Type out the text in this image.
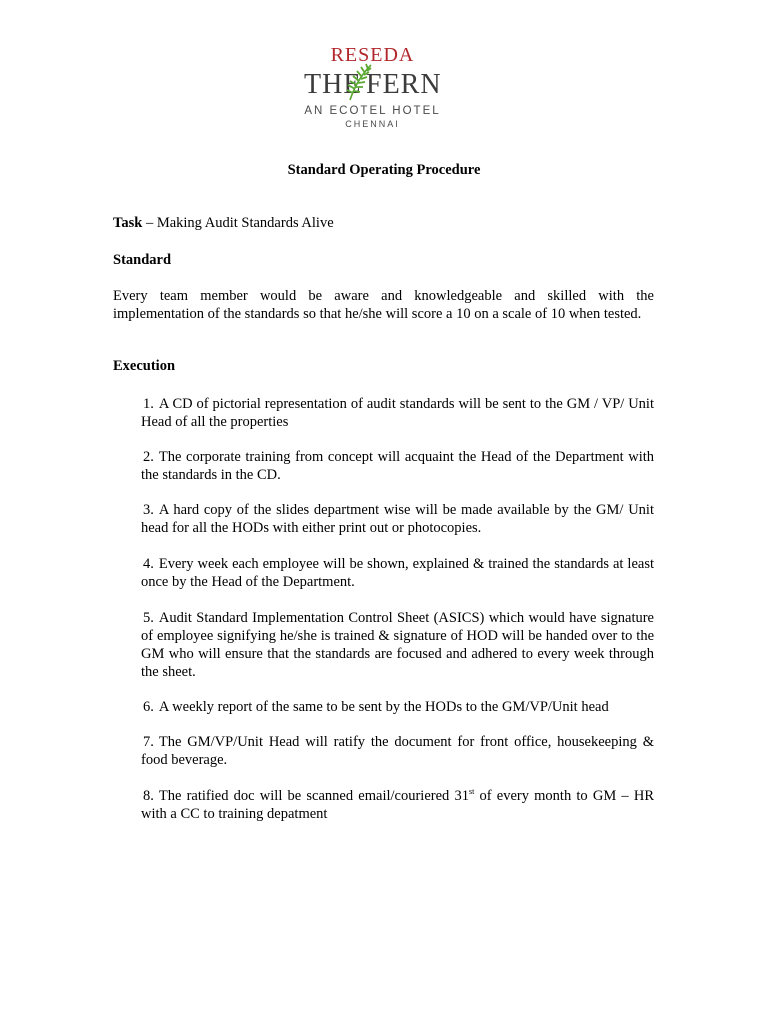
RESEDA
THE FERN
AN ECOTEL HOTEL
CHENNAI
Standard Operating Procedure
Task – Making Audit Standards Alive
Standard
Every team member would be aware and knowledgeable and skilled with the implementation of the standards so that he/she will score a 10 on a scale of 10 when tested.
Execution
1. A CD of pictorial representation of audit standards will be sent to the GM / VP/ Unit Head of all the properties
2. The corporate training from concept will acquaint the Head of the Department with the standards in the CD.
3. A hard copy of the slides department wise will be made available by the GM/ Unit head for all the HODs with either print out or photocopies.
4. Every week each employee will be shown, explained & trained the standards at least once by the Head of the Department.
5. Audit Standard Implementation Control Sheet (ASICS) which would have signature of employee signifying he/she is trained & signature of HOD will be handed over to the GM who will ensure that the standards are focused and adhered to every week through the sheet.
6. A weekly report of the same to be sent by the HODs to the GM/VP/Unit head
7. The GM/VP/Unit Head will ratify the document for front office, housekeeping & food beverage.
8. The ratified doc will be scanned email/couriered 31st of every month to GM – HR with a CC to training depatment
